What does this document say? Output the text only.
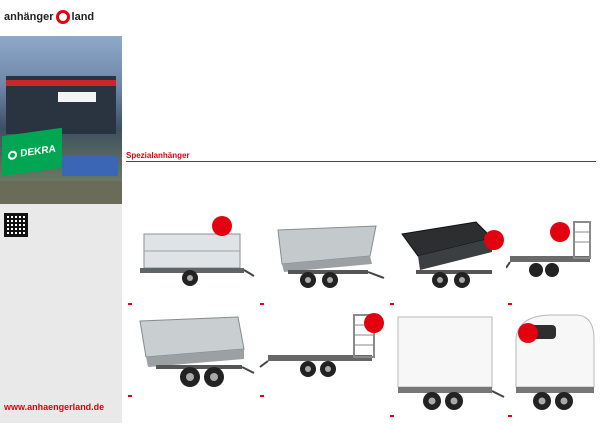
anhänger land
DEKRA

www.anhaengerland.de
Spezialanhänger
